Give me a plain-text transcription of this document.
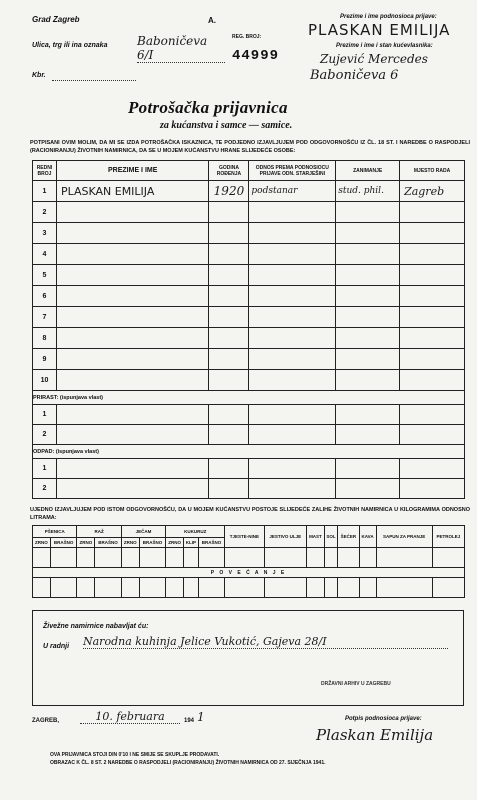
Grad Zagreb	A.
REG. BROJ:
44999
Ulica, trg ili ina oznaka Baboničeva 6/I
Kbr.
Prezime i ime podnosioca prijave:
PLASKAN EMILIJA
Prezime i ime i stan kućevlasnika:
Zujević Mercedes
Baboničeva 6
Potrošačka prijavnica
za kućanstva i samce — samice.
POTPISANI OVIM MOLIM, DA MI SE IZDA POTROŠAČKA ISKAZNICA, TE PODJEDNO IZJAVLJUJEM POD ODGOVORNOŠĆU IZ ČL. 18 ST. I NAREDBE O RASPODJELI (RACIONIRANJU) ŽIVOTNIH NAMIRNICA, DA SE U MOJEM KUĆANSTVU HRANE SLIJEDEĆE OSOBE:
REDNI BROJ	PREZIME I IME	GODINA ROĐENJA	ODNOS PREMA PODNOSIOCU PRIJAVE ODN. STARJEŠINI	ZANIMANJE	MJESTO RADA
1	PLASKAN EMILIJA	1920	podstanar	stud. phil.	Zagreb
2					
3					
4					
5					
6					
7					
8					
9					
10					
PRIRAST: (ispunjava vlast)					
1					
2					
ODPAD: (ispunjava vlast)					
1					
2					
UJEDNO IZJAVLJUJEM POD ISTOM ODGOVORNOŠĆU, DA U MOJEM KUĆANSTVU POSTOJE SLIJEDEĆE ZALIHE ŽIVOTNIH NAMIRNICA U KILOGRAMIMA ODNOSNO LITRAMA:
PŠENICA		RAŽ		JEČAM		KUKURUZ			TJESTE-NINE	JESTIVO ULJE	MAST	SOL	ŠEĆER	KAVA	SAPUN ZA PRANJE	PETROLEJ
ZRNO	BRAŠNO	ZRNO	BRAŠNO	ZRNO	BRAŠNO	ZRNO	KLIP	BRAŠNO								

P O V E Ć A N J E																

Živežne namirnice nabavljat ću:
U radnji Narodna kuhinja Jelice Vukotić, Gajeva 28/I
DRŽAVNI ARHIV U ZAGREBU
ZAGREB,	10. februara	194 1	Potpis podnosioca prijave:
Plaskan Emilija
OVA PRIJAVNICA STOJI DIN 0'10 I NE SMIJE SE SKUPLJE PRODAVATI.
OBRAZAC K ČL. 8 ST. 2 NAREDBE O RASPODJELI (RACIONIRANJU) ŽIVOTNIH NAMIRNICA OD 27. SIJEČNJA 1941.
